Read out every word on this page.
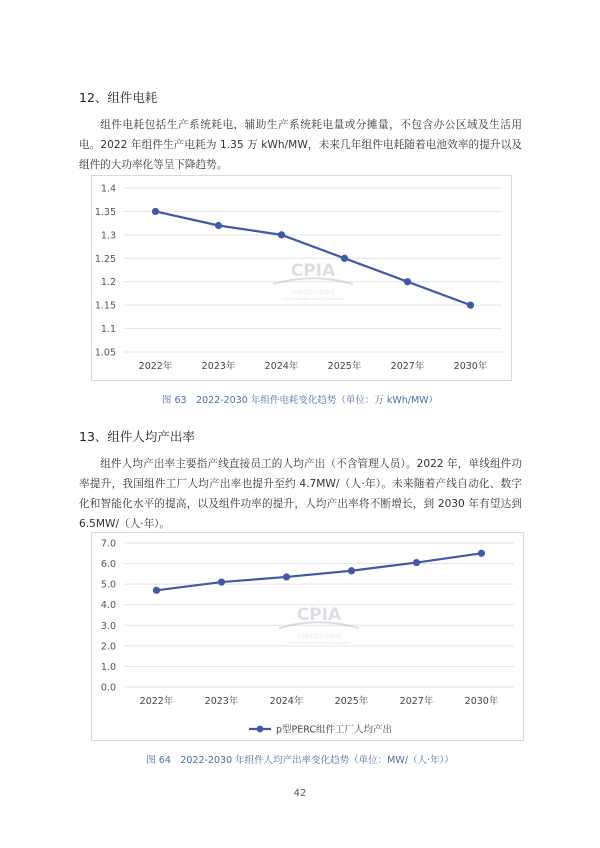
12、组件电耗

组件电耗包括生产系统耗电，辅助生产系统耗电量或分摊量，不包含办公区域及生活用电。2022 年组件生产电耗为 1.35 万 kWh/MW，未来几年组件电耗随着电池效率的提升以及组件的大功率化等呈下降趋势。

1.05
1.1
1.15
1.2
1.25
1.3
1.35
1.4
CPIA
中国光伏行业协会
China Photovoltaic Industry Association
2022年	2023年	2024年	2025年	2027年	2030年
图 63　2022-2030 年组件电耗变化趋势（单位：万 kWh/MW）
13、组件人均产出率

组件人均产出率主要指产线直接员工的人均产出（不含管理人员）。2022 年，单线组件功率提升，我国组件工厂人均产出率也提升至约 4.7MW/（人·年）。未来随着产线自动化、数字化和智能化水平的提高，以及组件功率的提升，人均产出率将不断增长，到 2030 年有望达到 6.5MW/（人·年）。

0.0
1.0
2.0
3.0
4.0
5.0
6.0
7.0
CPIA
中国光伏行业协会
China Photovoltaic Industry Association
2022年	2023年	2024年	2025年	2027年	2030年
p型PERC组件工厂人均产出
图 64　2022-2030 年组件人均产出率变化趋势（单位：MW/（人·年））
42
